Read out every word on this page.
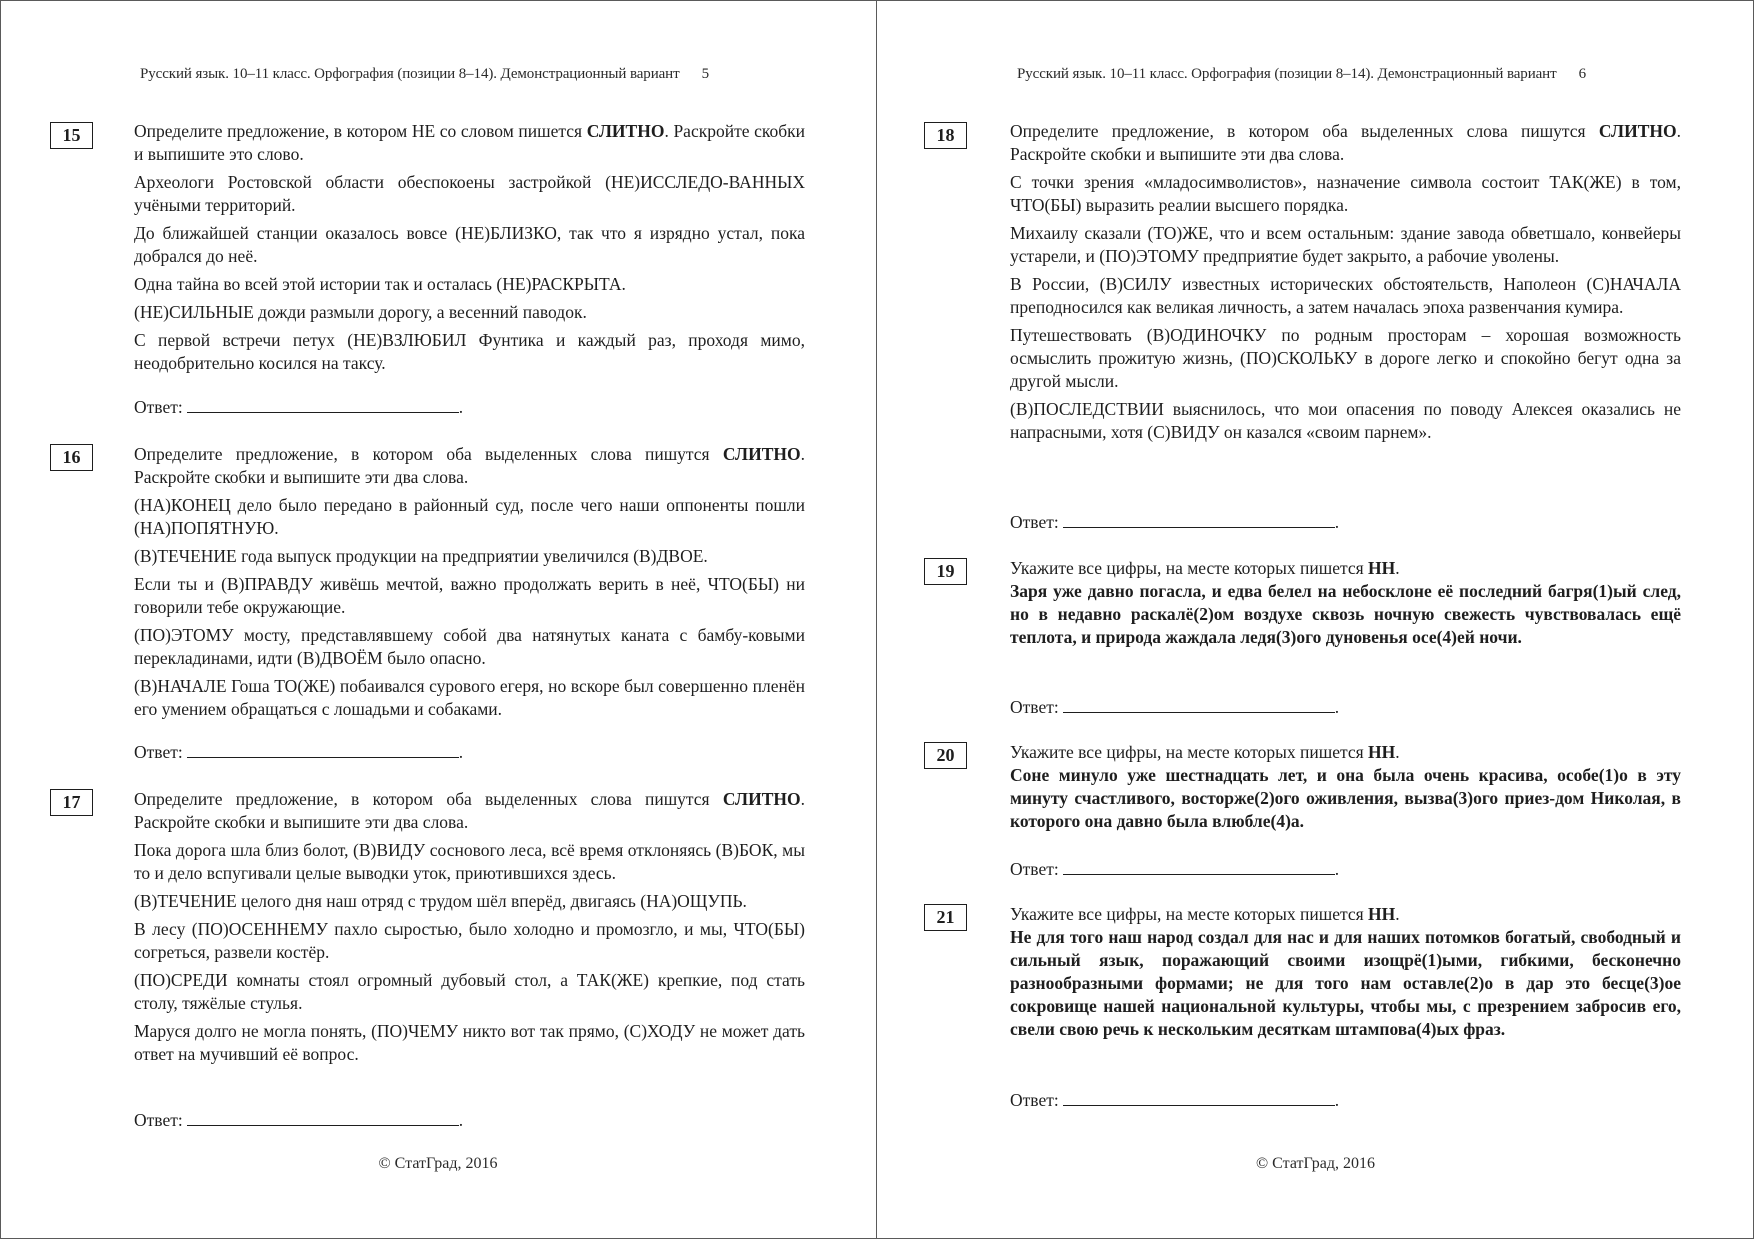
Русский язык. 10–11 класс. Орфография (позиции 8–14). Демонстрационный вариант 5
15	Определите предложение, в котором НЕ со словом пишется СЛИТНО. Раскройте скобки и выпишите это слово.

Археологи Ростовской области обеспокоены застройкой (НЕ)ИССЛЕДО-ВАННЫХ учёными территорий.

До ближайшей станции оказалось вовсе (НЕ)БЛИЗКО, так что я изрядно устал, пока добрался до неё.

Одна тайна во всей этой истории так и осталась (НЕ)РАСКРЫТА.

(НЕ)СИЛЬНЫЕ дожди размыли дорогу, а весенний паводок.

С первой встречи петух (НЕ)ВЗЛЮБИЛ Фунтика и каждый раз, проходя мимо, неодобрительно косился на таксу.

Ответ:	.
16	Определите предложение, в котором оба выделенных слова пишутся СЛИТНО. Раскройте скобки и выпишите эти два слова.

(НА)КОНЕЦ дело было передано в районный суд, после чего наши оппоненты пошли (НА)ПОПЯТНУЮ.

(В)ТЕЧЕНИЕ года выпуск продукции на предприятии увеличился (В)ДВОЕ.

Если ты и (В)ПРАВДУ живёшь мечтой, важно продолжать верить в неё, ЧТО(БЫ) ни говорили тебе окружающие.

(ПО)ЭТОМУ мосту, представлявшему собой два натянутых каната с бамбу-ковыми перекладинами, идти (В)ДВОЁМ было опасно.

(В)НАЧАЛЕ Гоша ТО(ЖЕ) побаивался сурового егеря, но вскоре был совершенно пленён его умением обращаться с лошадьми и собаками.

Ответ:	.
17	Определите предложение, в котором оба выделенных слова пишутся СЛИТНО. Раскройте скобки и выпишите эти два слова.

Пока дорога шла близ болот, (В)ВИДУ соснового леса, всё время отклоняясь (В)БОК, мы то и дело вспугивали целые выводки уток, приютившихся здесь.

(В)ТЕЧЕНИЕ целого дня наш отряд с трудом шёл вперёд, двигаясь (НА)ОЩУПЬ.

В лесу (ПО)ОСЕННЕМУ пахло сыростью, было холодно и промозгло, и мы, ЧТО(БЫ) согреться, развели костёр.

(ПО)СРЕДИ комнаты стоял огромный дубовый стол, а ТАК(ЖЕ) крепкие, под стать столу, тяжёлые стулья.

Маруся долго не могла понять, (ПО)ЧЕМУ никто вот так прямо, (С)ХОДУ не может дать ответ на мучивший её вопрос.

Ответ:	.
© СтатГрад, 2016
Русский язык. 10–11 класс. Орфография (позиции 8–14). Демонстрационный вариант 6
18	Определите предложение, в котором оба выделенных слова пишутся СЛИТНО. Раскройте скобки и выпишите эти два слова.

С точки зрения «младосимволистов», назначение символа состоит ТАК(ЖЕ) в том, ЧТО(БЫ) выразить реалии высшего порядка.

Михаилу сказали (ТО)ЖЕ, что и всем остальным: здание завода обветшало, конвейеры устарели, и (ПО)ЭТОМУ предприятие будет закрыто, а рабочие уволены.

В России, (В)СИЛУ известных исторических обстоятельств, Наполеон (С)НАЧАЛА преподносился как великая личность, а затем началась эпоха развенчания кумира.

Путешествовать (В)ОДИНОЧКУ по родным просторам – хорошая возможность осмыслить прожитую жизнь, (ПО)СКОЛЬКУ в дороге легко и спокойно бегут одна за другой мысли.

(В)ПОСЛЕДСТВИИ выяснилось, что мои опасения по поводу Алексея оказались не напрасными, хотя (С)ВИДУ он казался «своим парнем».

Ответ:	.
19	Укажите все цифры, на месте которых пишется НН.

Заря уже давно погасла, и едва белел на небосклоне её последний багря(1)ый след, но в недавно раскалё(2)ом воздухе сквозь ночную свежесть чувствовалась ещё теплота, и природа жаждала ледя(3)ого дуновенья осе(4)ей ночи.

Ответ:	.
20	Укажите все цифры, на месте которых пишется НН.

Соне минуло уже шестнадцать лет, и она была очень красива, особе(1)о в эту минуту счастливого, восторже(2)ого оживления, вызва(3)ого приез-дом Николая, в которого она давно была влюбле(4)а.

Ответ:	.
21	Укажите все цифры, на месте которых пишется НН.

Не для того наш народ создал для нас и для наших потомков богатый, свободный и сильный язык, поражающий своими изощрё(1)ыми, гибкими, бесконечно разнообразными формами; не для того нам оставле(2)о в дар это бесце(3)ое сокровище нашей национальной культуры, чтобы мы, с презрением забросив его, свели свою речь к нескольким десяткам штампова(4)ых фраз.

Ответ:	.
© СтатГрад, 2016
